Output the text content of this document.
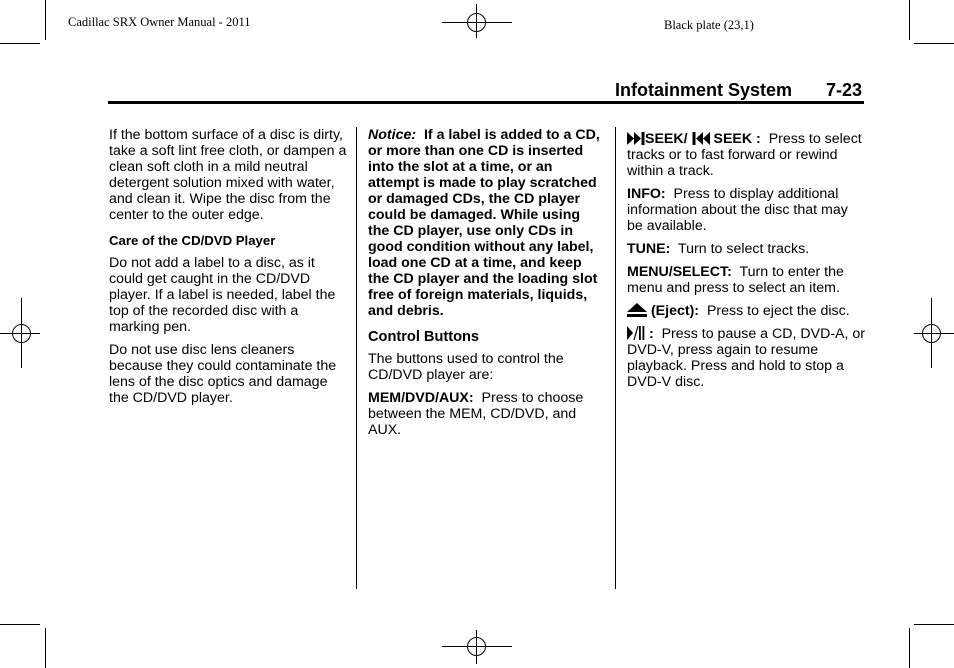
Cadillac SRX Owner Manual - 2011	Black plate (23,1)
Infotainment System 7-23

If the bottom surface of a disc is dirty, take a soft lint free cloth, or dampen a clean soft cloth in a mild neutral detergent solution mixed with water, and clean it. Wipe the disc from the center to the outer edge.

Care of the CD/DVD Player

Do not add a label to a disc, as it could get caught in the CD/DVD player. If a label is needed, label the top of the recorded disc with a marking pen.

Do not use disc lens cleaners because they could contaminate the lens of the disc optics and damage the CD/DVD player.

Notice: If a label is added to a CD, or more than one CD is inserted into the slot at a time, or an attempt is made to play scratched or damaged CDs, the CD player could be damaged. While using the CD player, use only CDs in good condition without any label, load one CD at a time, and keep the CD player and the loading slot free of foreign materials, liquids, and debris.

Control Buttons

The buttons used to control the CD/DVD player are:

MEM/DVD/AUX: Press to choose between the MEM, CD/DVD, and AUX.

SEEK/ SEEK : Press to select tracks or to fast forward or rewind within a track.

INFO: Press to display additional information about the disc that may be available.

TUNE: Turn to select tracks.

MENU/SELECT: Turn to enter the menu and press to select an item.

(Eject): Press to eject the disc.

: Press to pause a CD, DVD-A, or DVD-V, press again to resume playback. Press and hold to stop a DVD-V disc.
